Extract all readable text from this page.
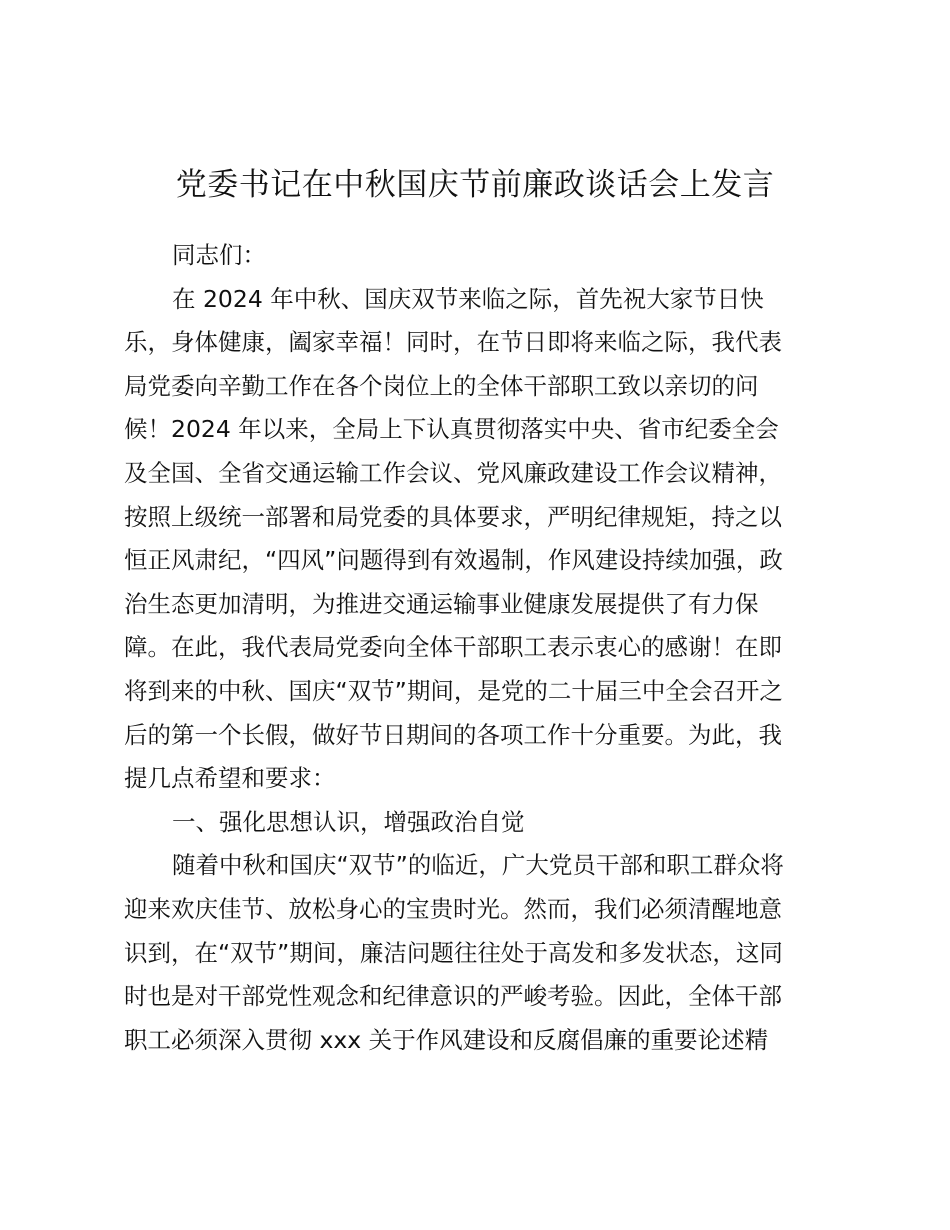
党委书记在中秋国庆节前廉政谈话会上发言
同志们：
在 2024 年中秋、国庆双节来临之际，首先祝大家节日快
乐，身体健康，阖家幸福！同时，在节日即将来临之际，我代表
局党委向辛勤工作在各个岗位上的全体干部职工致以亲切的问
候！2024 年以来，全局上下认真贯彻落实中央、省市纪委全会
及全国、全省交通运输工作会议、党风廉政建设工作会议精神，
按照上级统一部署和局党委的具体要求，严明纪律规矩，持之以
恒正风肃纪，“四风”问题得到有效遏制，作风建设持续加强，政
治生态更加清明，为推进交通运输事业健康发展提供了有力保
障。在此，我代表局党委向全体干部职工表示衷心的感谢！在即
将到来的中秋、国庆“双节”期间，是党的二十届三中全会召开之
后的第一个长假，做好节日期间的各项工作十分重要。为此，我
提几点希望和要求：
一、强化思想认识，增强政治自觉
随着中秋和国庆“双节”的临近，广大党员干部和职工群众将
迎来欢庆佳节、放松身心的宝贵时光。然而，我们必须清醒地意
识到，在“双节”期间，廉洁问题往往处于高发和多发状态，这同
时也是对干部党性观念和纪律意识的严峻考验。因此，全体干部
职工必须深入贯彻 xxx 关于作风建设和反腐倡廉的重要论述精
